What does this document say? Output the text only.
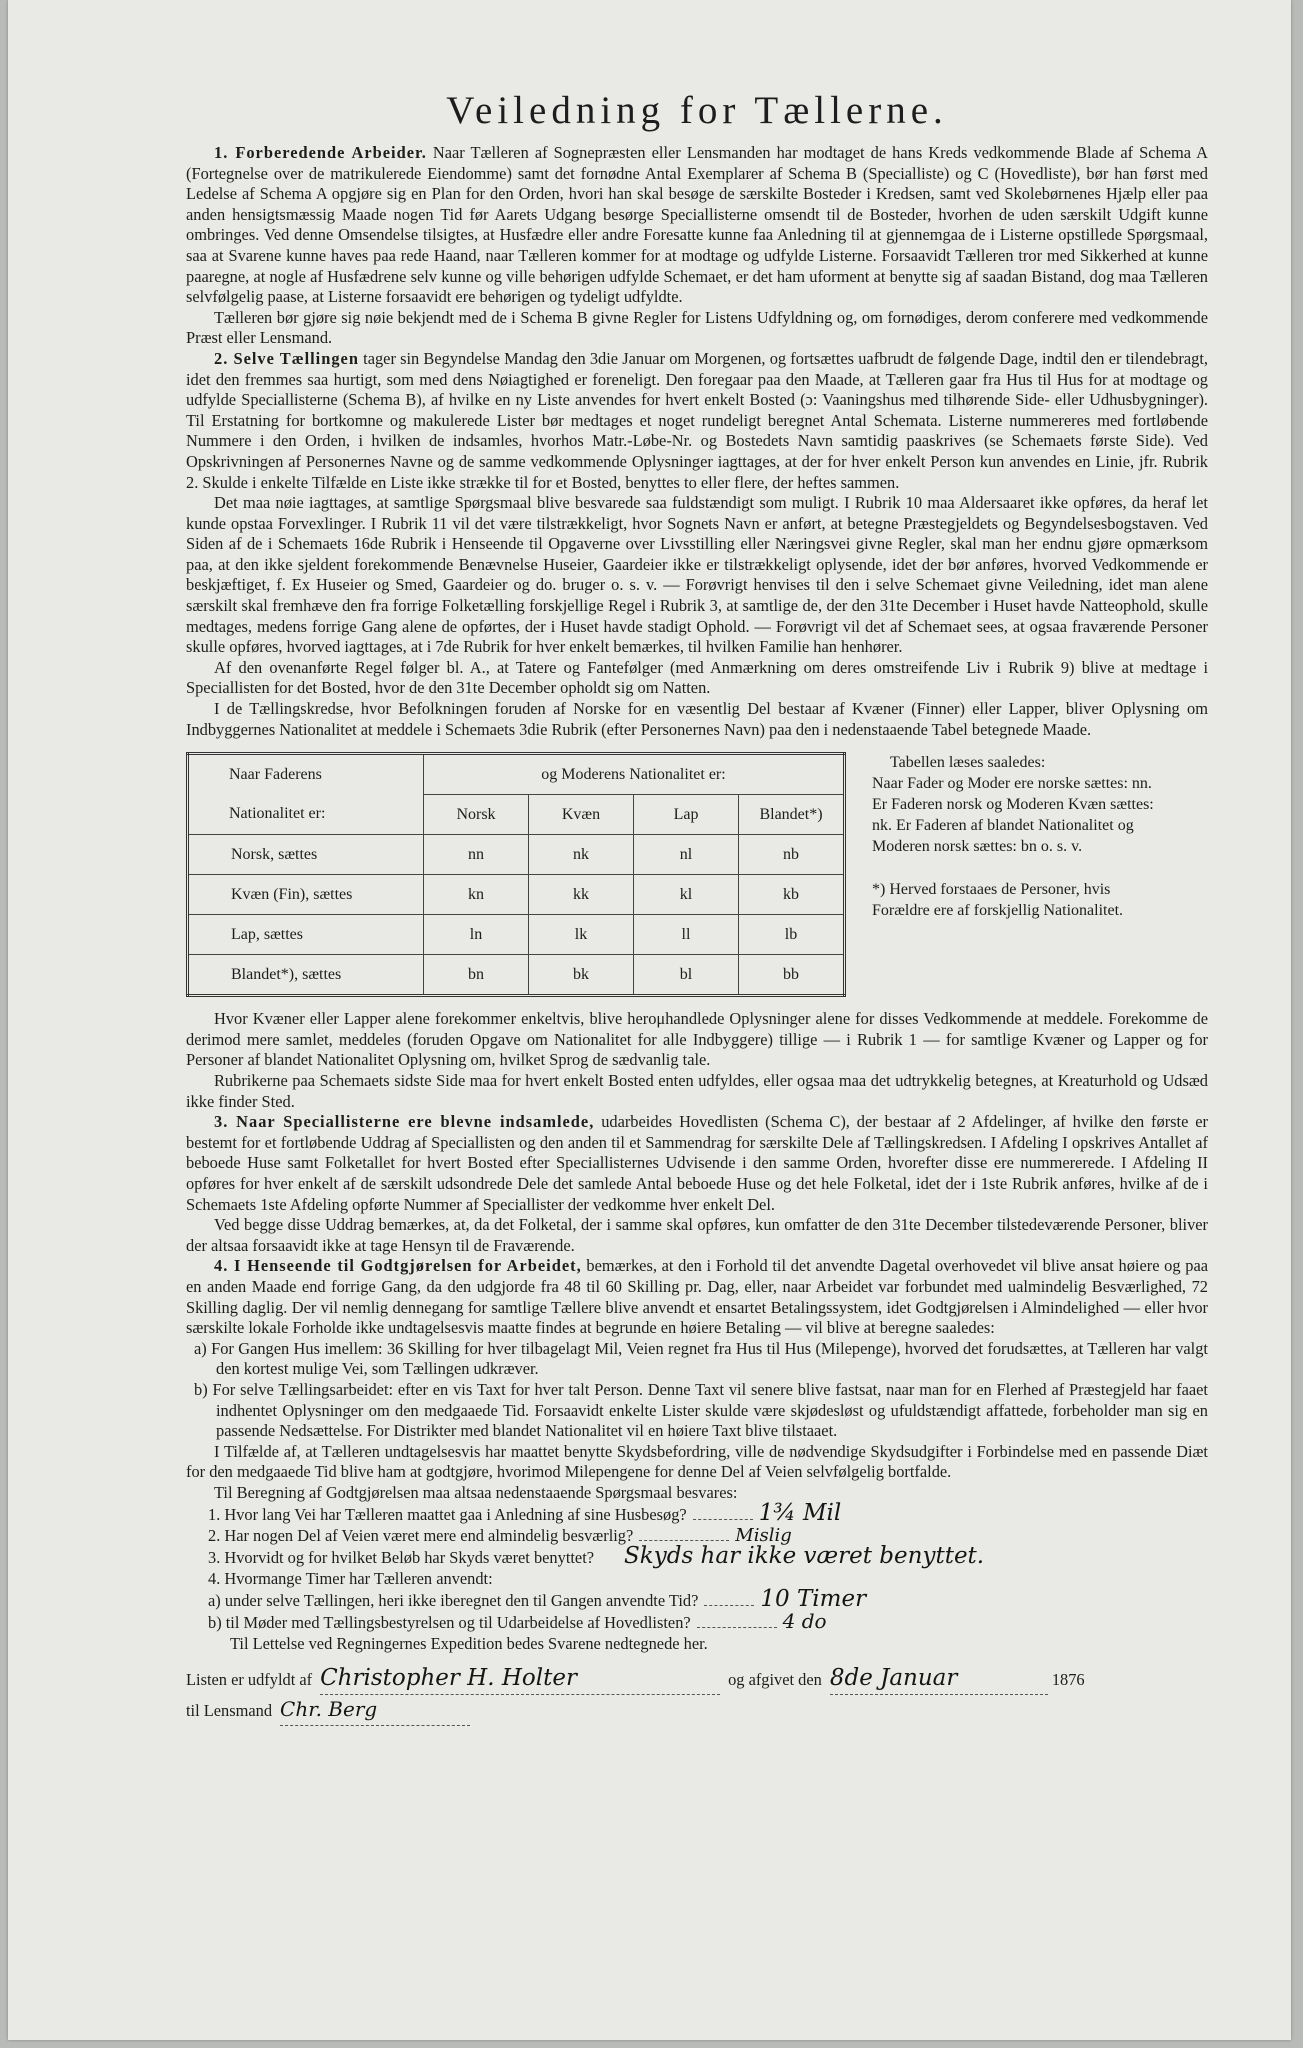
Veiledning for Tællerne.

1. Forberedende Arbeider. Naar Tælleren af Sognepræsten eller Lensmanden har modtaget de hans Kreds vedkommende Blade af Schema A (Fortegnelse over de matrikulerede Eiendomme) samt det fornødne Antal Exemplarer af Schema B (Specialliste) og C (Hovedliste), bør han først med Ledelse af Schema A opgjøre sig en Plan for den Orden, hvori han skal besøge de særskilte Bosteder i Kredsen, samt ved Skolebørnenes Hjælp eller paa anden hensigtsmæssig Maade nogen Tid før Aarets Udgang besørge Speciallisterne omsendt til de Bosteder, hvorhen de uden særskilt Udgift kunne ombringes. Ved denne Omsendelse tilsigtes, at Husfædre eller andre Foresatte kunne faa Anledning til at gjennemgaa de i Listerne opstillede Spørgsmaal, saa at Svarene kunne haves paa rede Haand, naar Tælleren kommer for at modtage og udfylde Listerne. Forsaavidt Tælleren tror med Sikkerhed at kunne paaregne, at nogle af Husfædrene selv kunne og ville behørigen udfylde Schemaet, er det ham uforment at benytte sig af saadan Bistand, dog maa Tælleren selvfølgelig paase, at Listerne forsaavidt ere behørigen og tydeligt udfyldte.

Tælleren bør gjøre sig nøie bekjendt med de i Schema B givne Regler for Listens Udfyldning og, om fornødiges, derom conferere med vedkommende Præst eller Lensmand.

2. Selve Tællingen tager sin Begyndelse Mandag den 3die Januar om Morgenen, og fortsættes uafbrudt de følgende Dage, indtil den er tilendebragt, idet den fremmes saa hurtigt, som med dens Nøiagtighed er foreneligt. Den foregaar paa den Maade, at Tælleren gaar fra Hus til Hus for at modtage og udfylde Speciallisterne (Schema B), af hvilke en ny Liste anvendes for hvert enkelt Bosted (ɔ: Vaaningshus med tilhørende Side- eller Udhusbygninger). Til Erstatning for bortkomne og makulerede Lister bør medtages et noget rundeligt beregnet Antal Schemata. Listerne nummereres med fortløbende Nummere i den Orden, i hvilken de indsamles, hvorhos Matr.-Løbe-Nr. og Bostedets Navn samtidig paaskrives (se Schemaets første Side). Ved Opskrivningen af Personernes Navne og de samme vedkommende Oplysninger iagttages, at der for hver enkelt Person kun anvendes en Linie, jfr. Rubrik 2. Skulde i enkelte Tilfælde en Liste ikke strække til for et Bosted, benyttes to eller flere, der heftes sammen.

Det maa nøie iagttages, at samtlige Spørgsmaal blive besvarede saa fuldstændigt som muligt. I Rubrik 10 maa Aldersaaret ikke opføres, da heraf let kunde opstaa Forvexlinger. I Rubrik 11 vil det være tilstrækkeligt, hvor Sognets Navn er anført, at betegne Præstegjeldets og Begyndelsesbogstaven. Ved Siden af de i Schemaets 16de Rubrik i Henseende til Opgaverne over Livsstilling eller Næringsvei givne Regler, skal man her endnu gjøre opmærksom paa, at den ikke sjeldent forekommende Benævnelse Huseier, Gaardeier ikke er tilstrækkeligt oplysende, idet der bør anføres, hvorved Vedkommende er beskjæftiget, f. Ex Huseier og Smed, Gaardeier og do. bruger o. s. v. — Forøvrigt henvises til den i selve Schemaet givne Veiledning, idet man alene særskilt skal fremhæve den fra forrige Folketælling forskjellige Regel i Rubrik 3, at samtlige de, der den 31te December i Huset havde Natteophold, skulle medtages, medens forrige Gang alene de opførtes, der i Huset havde stadigt Ophold. — Forøvrigt vil det af Schemaet sees, at ogsaa fraværende Personer skulle opføres, hvorved iagttages, at i 7de Rubrik for hver enkelt bemærkes, til hvilken Familie han henhører.

Af den ovenanførte Regel følger bl. A., at Tatere og Fantefølger (med Anmærkning om deres omstreifende Liv i Rubrik 9) blive at medtage i Speciallisten for det Bosted, hvor de den 31te December opholdt sig om Natten.

I de Tællingskredse, hvor Befolkningen foruden af Norske for en væsentlig Del bestaar af Kvæner (Finner) eller Lapper, bliver Oplysning om Indbyggernes Nationalitet at meddele i Schemaets 3die Rubrik (efter Personernes Navn) paa den i nedenstaaende Tabel betegnede Maade.

Naar Faderens	og Moderens Nationalitet er:			
Nationalitet er:	Norsk	Kvæn	Lap	Blandet*)
Norsk, sættes	nn	nk	nl	nb
Kvæn (Fin), sættes	kn	kk	kl	kb
Lap, sættes	ln	lk	ll	lb
Blandet*), sættes	bn	bk	bl	bb
Tabellen læses saaledes:
Naar Fader og Moder ere norske sættes: nn. Er Faderen norsk og Moderen Kvæn sættes: nk. Er Faderen af blandet Nationalitet og Moderen norsk sættes: bn o. s. v.
*) Herved forstaaes de Personer, hvis Forældre ere af forskjellig Nationalitet.

Hvor Kvæner eller Lapper alene forekommer enkeltvis, blive herομhandlede Oplysninger alene for disses Vedkommende at meddele. Forekomme de derimod mere samlet, meddeles (foruden Opgave om Nationalitet for alle Indbyggere) tillige — i Rubrik 1 — for samtlige Kvæner og Lapper og for Personer af blandet Nationalitet Oplysning om, hvilket Sprog de sædvanlig tale.

Rubrikerne paa Schemaets sidste Side maa for hvert enkelt Bosted enten udfyldes, eller ogsaa maa det udtrykkelig betegnes, at Kreaturhold og Udsæd ikke finder Sted.

3. Naar Speciallisterne ere blevne indsamlede, udarbeides Hovedlisten (Schema C), der bestaar af 2 Afdelinger, af hvilke den første er bestemt for et fortløbende Uddrag af Speciallisten og den anden til et Sammendrag for særskilte Dele af Tællingskredsen. I Afdeling I opskrives Antallet af beboede Huse samt Folketallet for hvert Bosted efter Speciallisternes Udvisende i den samme Orden, hvorefter disse ere nummererede. I Afdeling II opføres for hver enkelt af de særskilt udsondrede Dele det samlede Antal beboede Huse og det hele Folketal, idet der i 1ste Rubrik anføres, hvilke af de i Schemaets 1ste Afdeling opførte Nummer af Speciallister der vedkomme hver enkelt Del.

Ved begge disse Uddrag bemærkes, at, da det Folketal, der i samme skal opføres, kun omfatter de den 31te December tilstedeværende Personer, bliver der altsaa forsaavidt ikke at tage Hensyn til de Fraværende.

4. I Henseende til Godtgjørelsen for Arbeidet, bemærkes, at den i Forhold til det anvendte Dagetal overhovedet vil blive ansat høiere og paa en anden Maade end forrige Gang, da den udgjorde fra 48 til 60 Skilling pr. Dag, eller, naar Arbeidet var forbundet med ualmindelig Besværlighed, 72 Skilling daglig. Der vil nemlig dennegang for samtlige Tællere blive anvendt et ensartet Betalingssystem, idet Godtgjørelsen i Almindelighed — eller hvor særskilte lokale Forholde ikke undtagelsesvis maatte findes at begrunde en høiere Betaling — vil blive at beregne saaledes:

a) For Gangen Hus imellem: 36 Skilling for hver tilbagelagt Mil, Veien regnet fra Hus til Hus (Milepenge), hvorved det forudsættes, at Tælleren har valgt den kortest mulige Vei, som Tællingen udkræver.

b) For selve Tællingsarbeidet: efter en vis Taxt for hver talt Person. Denne Taxt vil senere blive fastsat, naar man for en Flerhed af Præstegjeld har faaet indhentet Oplysninger om den medgaaede Tid. Forsaavidt enkelte Lister skulde være skjødesløst og ufuldstændigt affattede, forbeholder man sig en passende Nedsættelse. For Distrikter med blandet Nationalitet vil en høiere Taxt blive tilstaaet.

I Tilfælde af, at Tælleren undtagelsesvis har maattet benytte Skydsbefordring, ville de nødvendige Skydsudgifter i Forbindelse med en passende Diæt for den medgaaede Tid blive ham at godtgjøre, hvorimod Milepengene for denne Del af Veien selvfølgelig bortfalde.

Til Beregning af Godtgjørelsen maa altsaa nedenstaaende Spørgsmaal besvares:

1. Hvor lang Vei har Tælleren maattet gaa i Anledning af sine Husbesøg?	1¾ Mil
2. Har nogen Del af Veien været mere end almindelig besværlig?	Mislig
3. Hvorvidt og for hvilket Beløb har Skyds været benyttet? Skyds har ikke været benyttet.
4. Hvormange Timer har Tælleren anvendt:
a) under selve Tællingen, heri ikke iberegnet den til Gangen anvendte Tid?	10 Timer
b) til Møder med Tællingsbestyrelsen og til Udarbeidelse af Hovedlisten?	4 do
Til Lettelse ved Regningernes Expedition bedes Svarene nedtegnede her.
Listen er udfyldt af Christopher H. Holter	og afgivet den 8de Januar	1876
til Lensmand Chr. Berg
